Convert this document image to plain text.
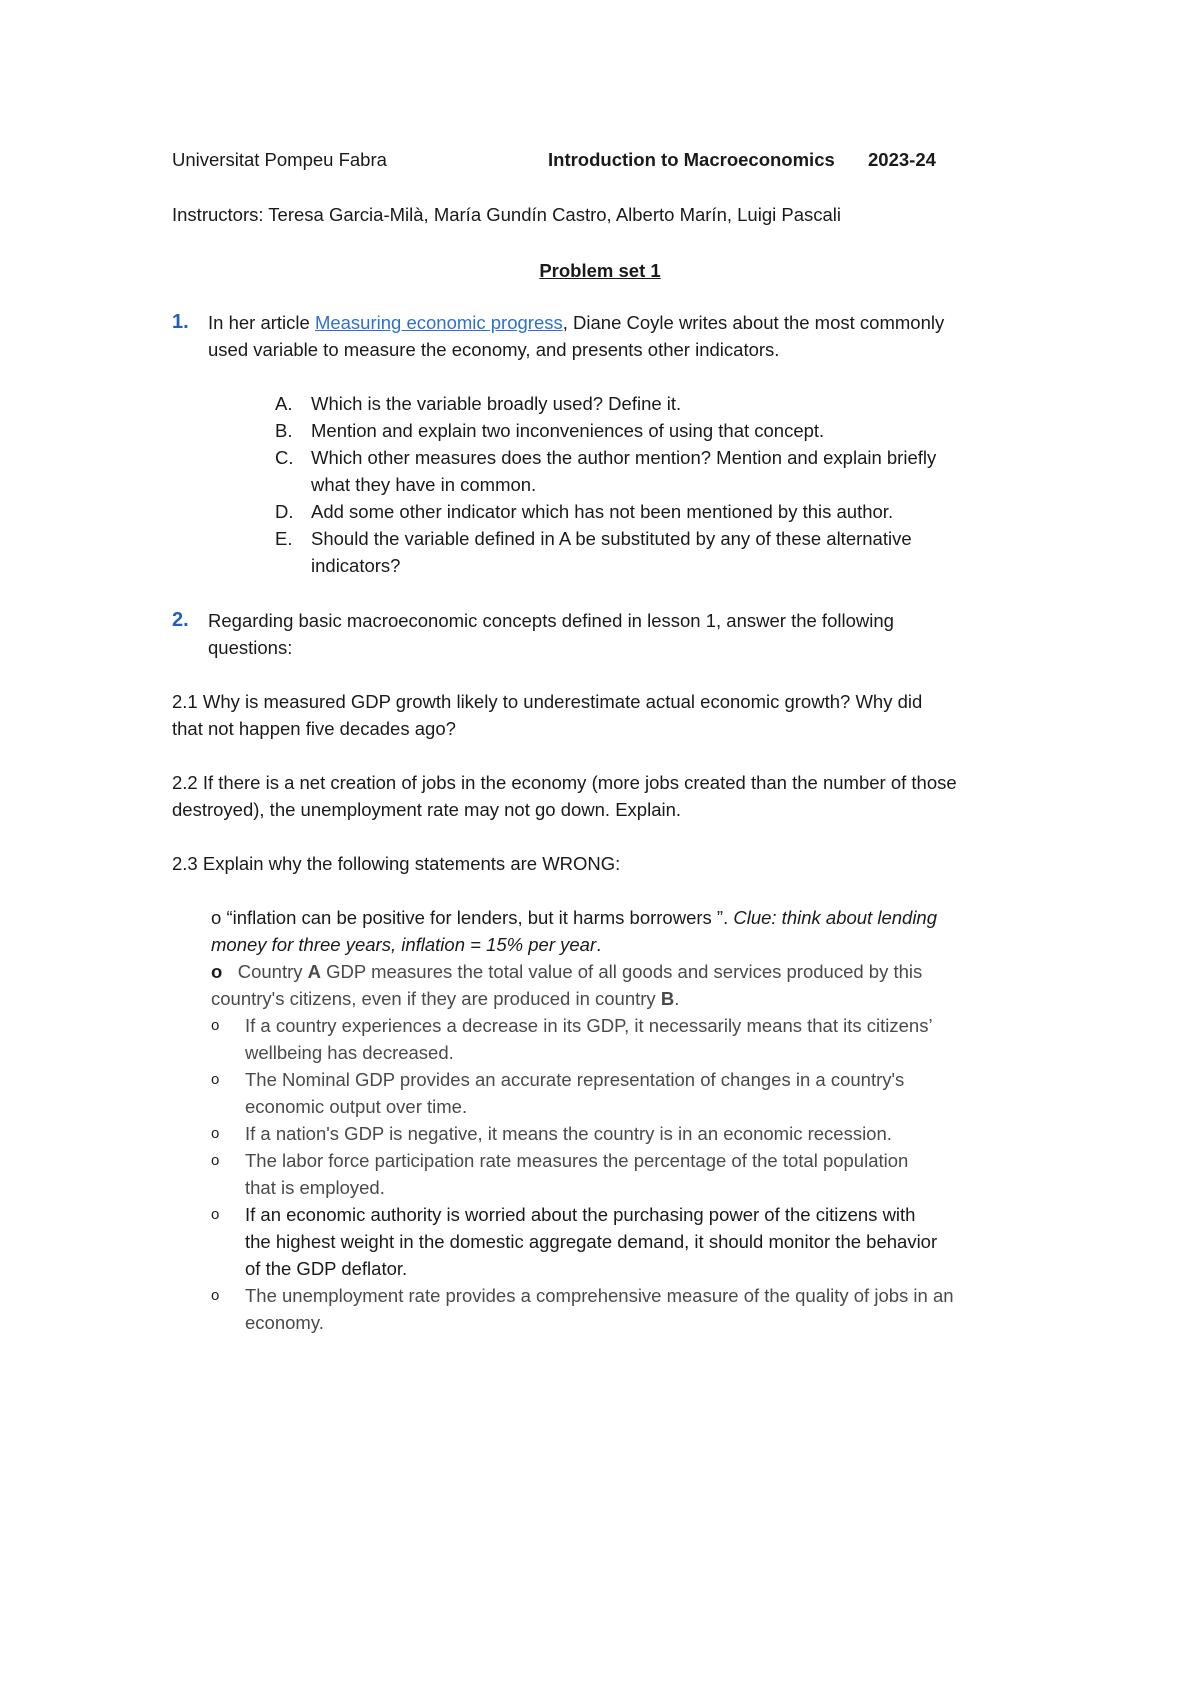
Universitat Pompeu Fabra	Introduction to Macroeconomics 2023-24
Instructors: Teresa Garcia-Milà, María Gundín Castro, Alberto Marín, Luigi Pascali
Problem set 1
1. In her article Measuring economic progress, Diane Coyle writes about the most commonly
used variable to measure the economy, and presents other indicators.
A. Which is the variable broadly used? Define it.
B. Mention and explain two inconveniences of using that concept.
C. Which other measures does the author mention? Mention and explain briefly
what they have in common.
D. Add some other indicator which has not been mentioned by this author.
E. Should the variable defined in A be substituted by any of these alternative
indicators?
2. Regarding basic macroeconomic concepts defined in lesson 1, answer the following
questions:
2.1 Why is measured GDP growth likely to underestimate actual economic growth? Why did
that not happen five decades ago?
2.2 If there is a net creation of jobs in the economy (more jobs created than the number of those
destroyed), the unemployment rate may not go down. Explain.
2.3 Explain why the following statements are WRONG:
o “inflation can be positive for lenders, but it harms borrowers ”. Clue: think about lending
money for three years, inflation = 15% per year.
o Country A GDP measures the total value of all goods and services produced by this
country's citizens, even if they are produced in country B.
o If a country experiences a decrease in its GDP, it necessarily means that its citizens’
wellbeing has decreased.
o The Nominal GDP provides an accurate representation of changes in a country's
economic output over time.
o If a nation's GDP is negative, it means the country is in an economic recession.
o The labor force participation rate measures the percentage of the total population
that is employed.
o If an economic authority is worried about the purchasing power of the citizens with
the highest weight in the domestic aggregate demand, it should monitor the behavior
of the GDP deflator.
o The unemployment rate provides a comprehensive measure of the quality of jobs in an
economy.
